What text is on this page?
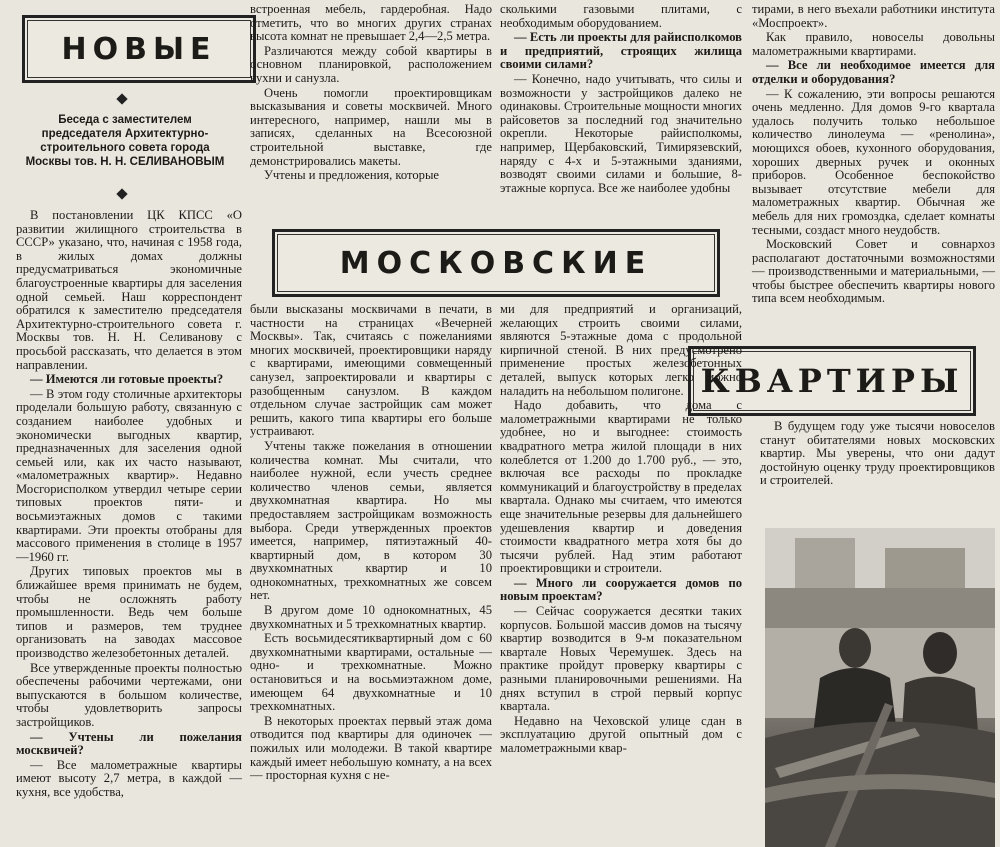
НОВЫЕ
МОСКОВСКИЕ
КВАРТИРЫ
Беседа с заместителем председателя Архитектурно-строительного совета города Москвы тов. Н. Н. СЕЛИВАНОВЫМ

В постановлении ЦК КПСС «О развитии жилищного строительства в СССР» указано, что, начиная с 1958 года, в жилых домах должны предусматриваться экономичные благоустроенные квартиры для заселения одной семьей. Наш корреспондент обратился к заместителю председателя Архитектурно-строительного совета г. Москвы тов. Н. Н. Селиванову с просьбой рассказать, что делается в этом направлении.

— Имеются ли готовые проекты?

— В этом году столичные архитекторы проделали большую работу, связанную с созданием наиболее удобных и экономически выгодных квартир, предназначенных для заселения одной семьей или, как их часто называют, «малометражных квартир». Недавно Мосгорисполком утвердил четыре серии типовых проектов пяти- и восьмиэтажных домов с такими квартирами. Эти проекты отобраны для массового применения в столице в 1957—1960 гг.

Других типовых проектов мы в ближайшее время принимать не будем, чтобы не осложнять работу промышленности. Ведь чем больше типов и размеров, тем труднее организовать на заводах массовое производство железобетонных деталей.

Все утвержденные проекты полностью обеспечены рабочими чертежами, они выпускаются в большом количестве, чтобы удовлетворить запросы застройщиков.

— Учтены ли пожелания москвичей?

— Все малометражные квартиры имеют высоту 2,7 метра, в каждой — кухня, все удобства,

встроенная мебель, гардеробная. Надо отметить, что во многих других странах высота комнат не превышает 2,4—2,5 метра.

Различаются между собой квартиры в основном планировкой, расположением кухни и санузла.

Очень помогли проектировщикам высказывания и советы москвичей. Много интересного, например, нашли мы в записях, сделанных на Всесоюзной строительной выставке, где демонстрировались макеты.

Учтены и предложения, которые

были высказаны москвичами в печати, в частности на страницах «Вечерней Москвы». Так, считаясь с пожеланиями многих москвичей, проектировщики наряду с квартирами, имеющими совмещенный санузел, запроектировали и квартиры с разобщенным санузлом. В каждом отдельном случае застройщик сам может решить, какого типа квартиры его больше устраивают.

Учтены также пожелания в отношении количества комнат. Мы считали, что наиболее нужной, если учесть среднее количество членов семьи, является двухкомнатная квартира. Но мы предоставляем застройщикам возможность выбора. Среди утвержденных проектов имеется, например, пятиэтажный 40-квартирный дом, в котором 30 двухкомнатных квартир и 10 однокомнатных, трехкомнатных же совсем нет.

В другом доме 10 однокомнатных, 45 двухкомнатных и 5 трехкомнатных квартир.

Есть восьмидесятиквартирный дом с 60 двухкомнатными квартирами, остальные — одно- и трехкомнатные. Можно остановиться и на восьмиэтажном доме, имеющем 64 двухкомнатные и 10 трехкомнатных.

В некоторых проектах первый этаж дома отводится под квартиры для одиночек — пожилых или молодежи. В такой квартире каждый имеет небольшую комнату, а на всех — просторная кухня с не-

сколькими газовыми плитами, с необходимым оборудованием.

— Есть ли проекты для райисполкомов и предприятий, строящих жилища своими силами?

— Конечно, надо учитывать, что силы и возможности у застройщиков далеко не одинаковы. Строительные мощности многих райсоветов за последний год значительно окрепли. Некоторые райисполкомы, например, Щербаковский, Тимирязевский, наряду с 4-х и 5-этажными зданиями, возводят своими силами и большие, 8-этажные корпуса. Все же наиболее удобны

ми для предприятий и организаций, желающих строить своими силами, являются 5-этажные дома с продольной кирпичной стеной. В них предусмотрено применение простых железобетонных деталей, выпуск которых легко можно наладить на небольшом полигоне.

Надо добавить, что дома с малометражными квартирами не только удобнее, но и выгоднее: стоимость квадратного метра жилой площади в них колеблется от 1.200 до 1.700 руб., — это, включая все расходы по прокладке коммуникаций и благоустройству в пределах квартала. Однако мы считаем, что имеются еще значительные резервы для дальнейшего удешевления квартир и доведения стоимости квадратного метра хотя бы до тысячи рублей. Над этим работают проектировщики и строители.

— Много ли сооружается домов по новым проектам?

— Сейчас сооружается десятки таких корпусов. Большой массив домов на тысячу квартир возводится в 9-м показательном квартале Новых Черемушек. Здесь на практике пройдут проверку квартиры с разными планировочными решениями. На днях вступил в строй первый корпус квартала.

Недавно на Чеховской улице сдан в эксплуатацию другой опытный дом с малометражными квар-

тирами, в него въехали работники института «Моспроект».

Как правило, новоселы довольны малометражными квартирами.

— Все ли необходимое имеется для отделки и оборудования?

— К сожалению, эти вопросы решаются очень медленно. Для домов 9-го квартала удалось получить только небольшое количество линолеума — «ренолина», моющихся обоев, кухонного оборудования, хороших дверных ручек и оконных приборов. Особенное беспокойство вызывает отсутствие мебели для малометражных квартир. Обычная же мебель для них громоздка, сделает комнаты тесными, создаст много неудобств.

Московский Совет и совнархоз располагают достаточными возможностями — производственными и материальными, — чтобы быстрее обеспечить квартиры нового типа всем необходимым.

В будущем году уже тысячи новоселов станут обитателями новых московских квартир. Мы уверены, что они дадут достойную оценку труду проектировщиков и строителей.
